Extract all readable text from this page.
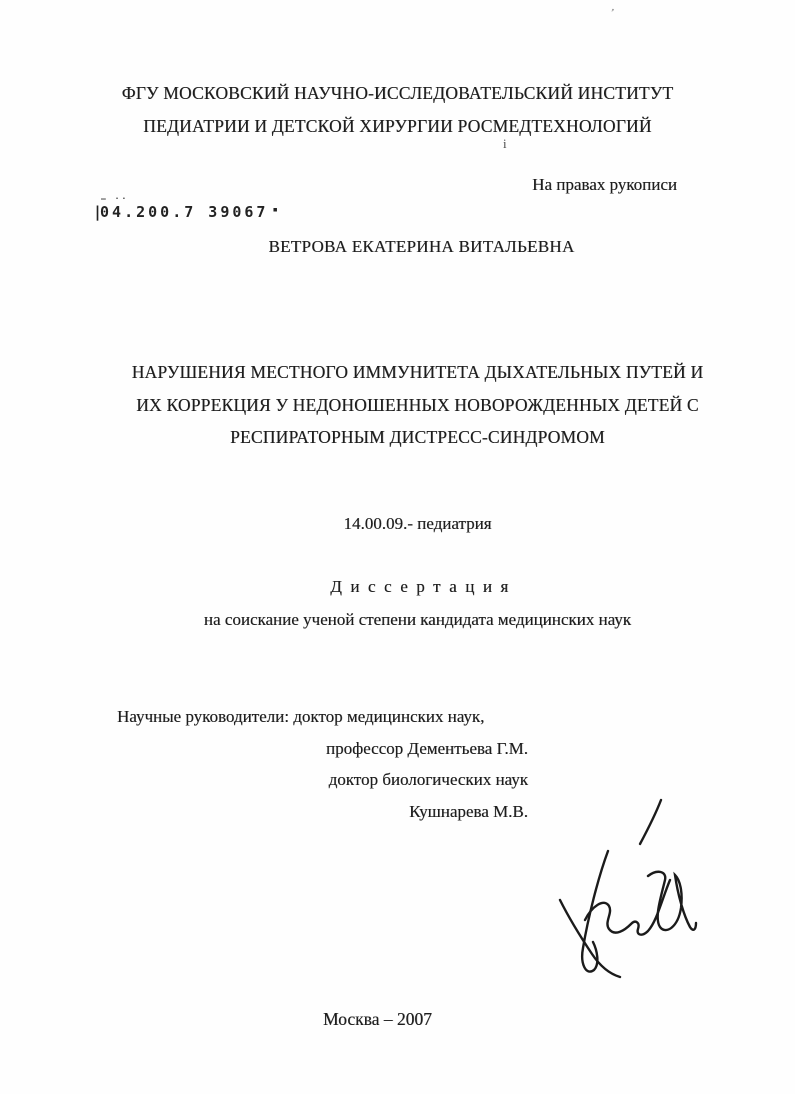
’
ФГУ МОСКОВСКИЙ НАУЧНО-ИССЛЕДОВАТЕЛЬСКИЙ ИНСТИТУТ
ПЕДИАТРИИ И ДЕТСКОЙ ХИРУРГИИ РОСМЕДТЕХНОЛОГИЙ
i
На правах рукописи
– ··
|04.200.7 39067 ▪
ВЕТРОВА ЕКАТЕРИНА ВИТАЛЬЕВНА
НАРУШЕНИЯ МЕСТНОГО ИММУНИТЕТА ДЫХАТЕЛЬНЫХ ПУТЕЙ И
ИХ КОРРЕКЦИЯ У НЕДОНОШЕННЫХ НОВОРОЖДЕННЫХ ДЕТЕЙ С
РЕСПИРАТОРНЫМ ДИСТРЕСС-СИНДРОМОМ
14.00.09.- педиатрия
Диссертация
на соискание ученой степени кандидата медицинских наук
Научные руководители: доктор медицинских наук,
профессор Дементьева Г.М.
доктор биологических наук
Кушнарева М.В.
Москва – 2007
